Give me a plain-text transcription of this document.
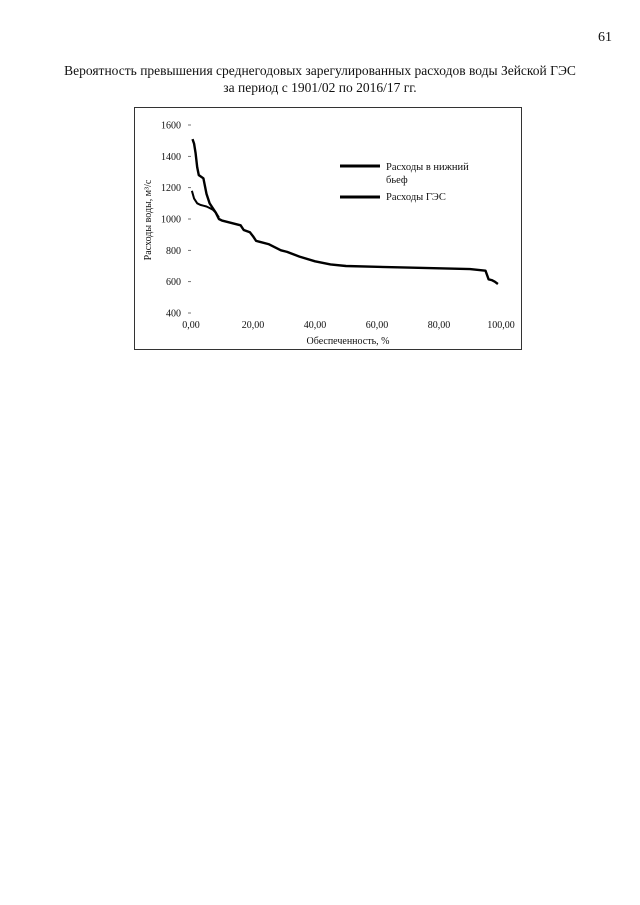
61
Вероятность превышения среднегодовых зарегулированных расходов воды Зейской ГЭС
за период с 1901/02 по 2016/17 гг.
400
600
800
1000
1200
1400
1600
0,00	20,00	40,00	60,00	80,00	100,00
Обеспеченность, %
Расходы воды, м³/с
Расходы в нижний бьеф
Расходы ГЭС
